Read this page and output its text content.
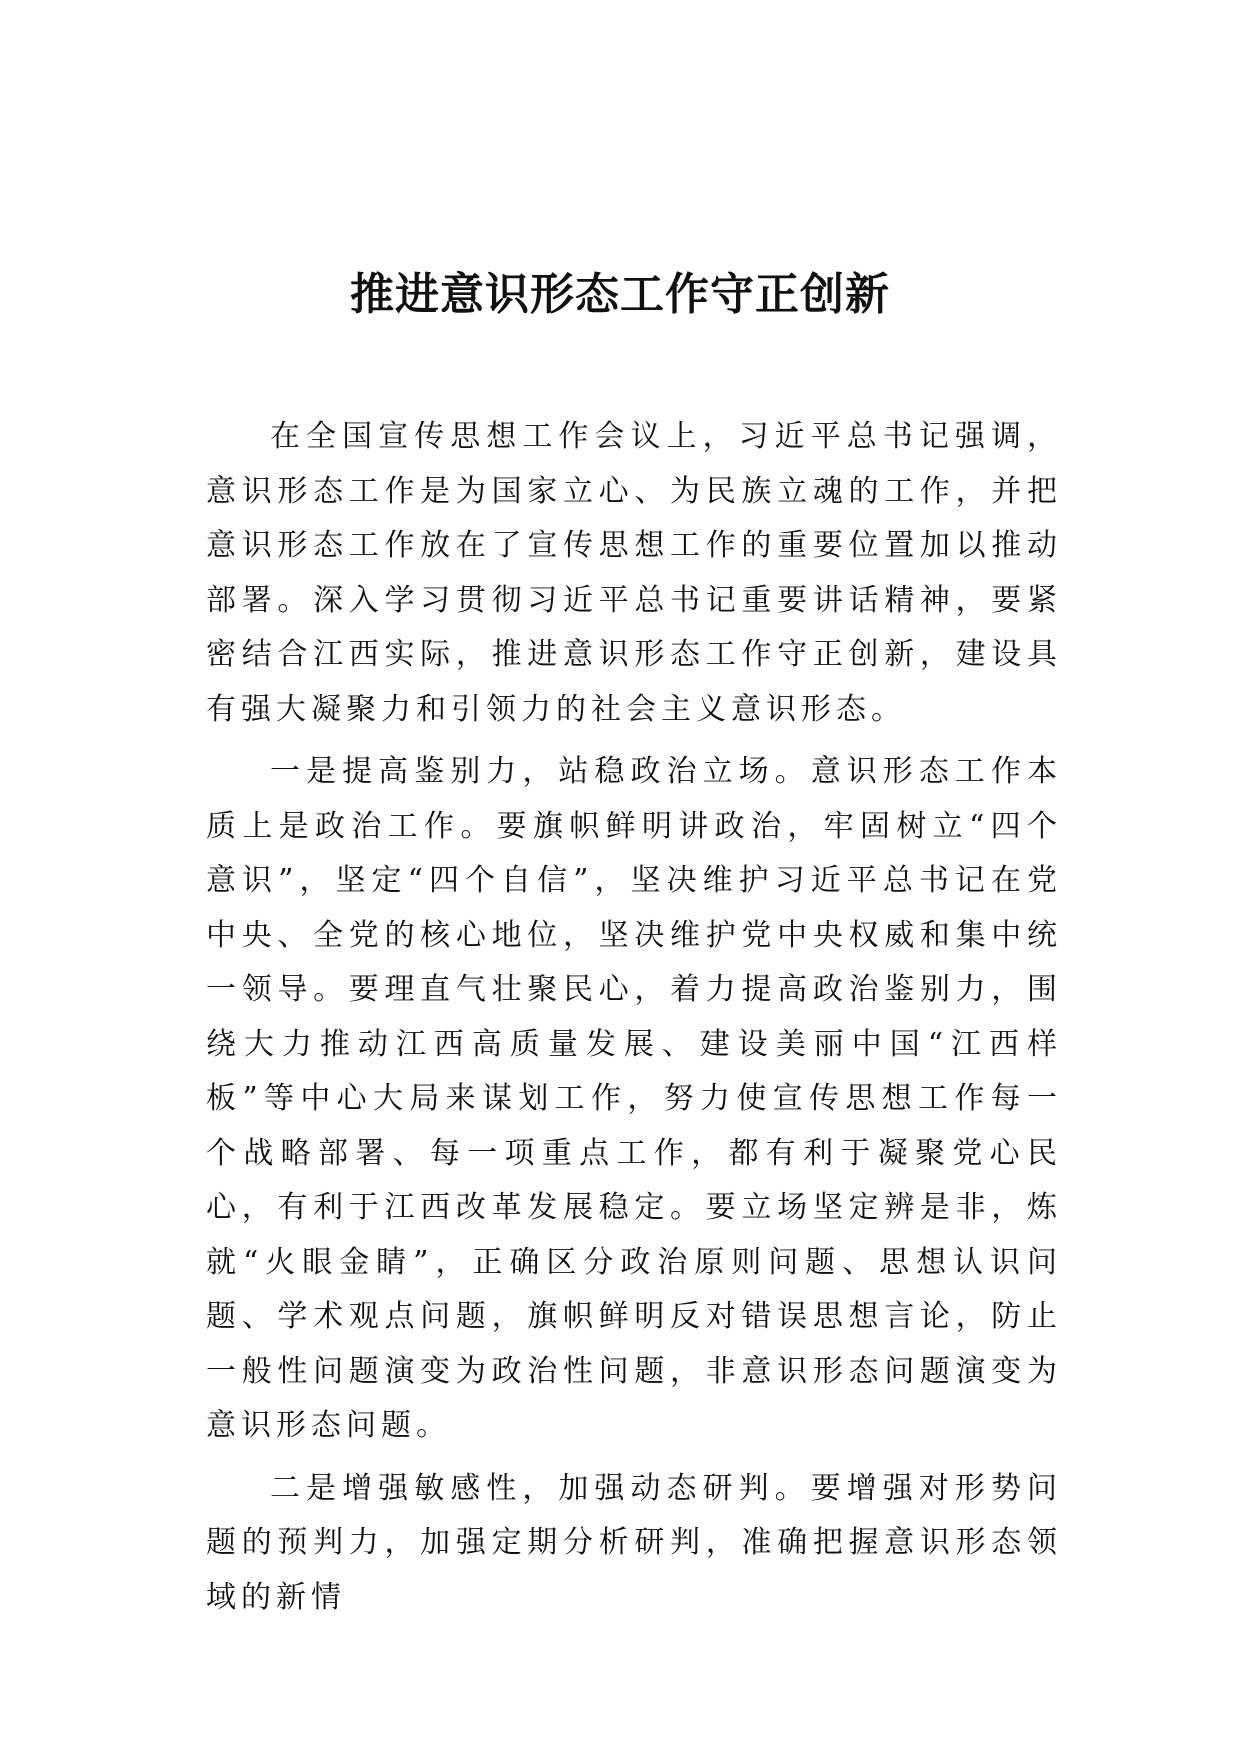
推进意识形态工作守正创新

在全国宣传思想工作会议上，习近平总书记强调，意识形态工作是为国家立心、为民族立魂的工作，并把意识形态工作放在了宣传思想工作的重要位置加以推动部署。深入学习贯彻习近平总书记重要讲话精神，要紧密结合江西实际，推进意识形态工作守正创新，建设具有强大凝聚力和引领力的社会主义意识形态。

一是提高鉴别力，站稳政治立场。意识形态工作本质上是政治工作。要旗帜鲜明讲政治，牢固树立“四个意识”，坚定“四个自信”，坚决维护习近平总书记在党中央、全党的核心地位，坚决维护党中央权威和集中统一领导。要理直气壮聚民心，着力提高政治鉴别力，围绕大力推动江西高质量发展、建设美丽中国“江西样板”等中心大局来谋划工作，努力使宣传思想工作每一个战略部署、每一项重点工作，都有利于凝聚党心民心，有利于江西改革发展稳定。要立场坚定辨是非，炼就“火眼金睛”，正确区分政治原则问题、思想认识问题、学术观点问题，旗帜鲜明反对错误思想言论，防止一般性问题演变为政治性问题，非意识形态问题演变为意识形态问题。

二是增强敏感性，加强动态研判。要增强对形势问题的预判力，加强定期分析研判，准确把握意识形态领域的新情
